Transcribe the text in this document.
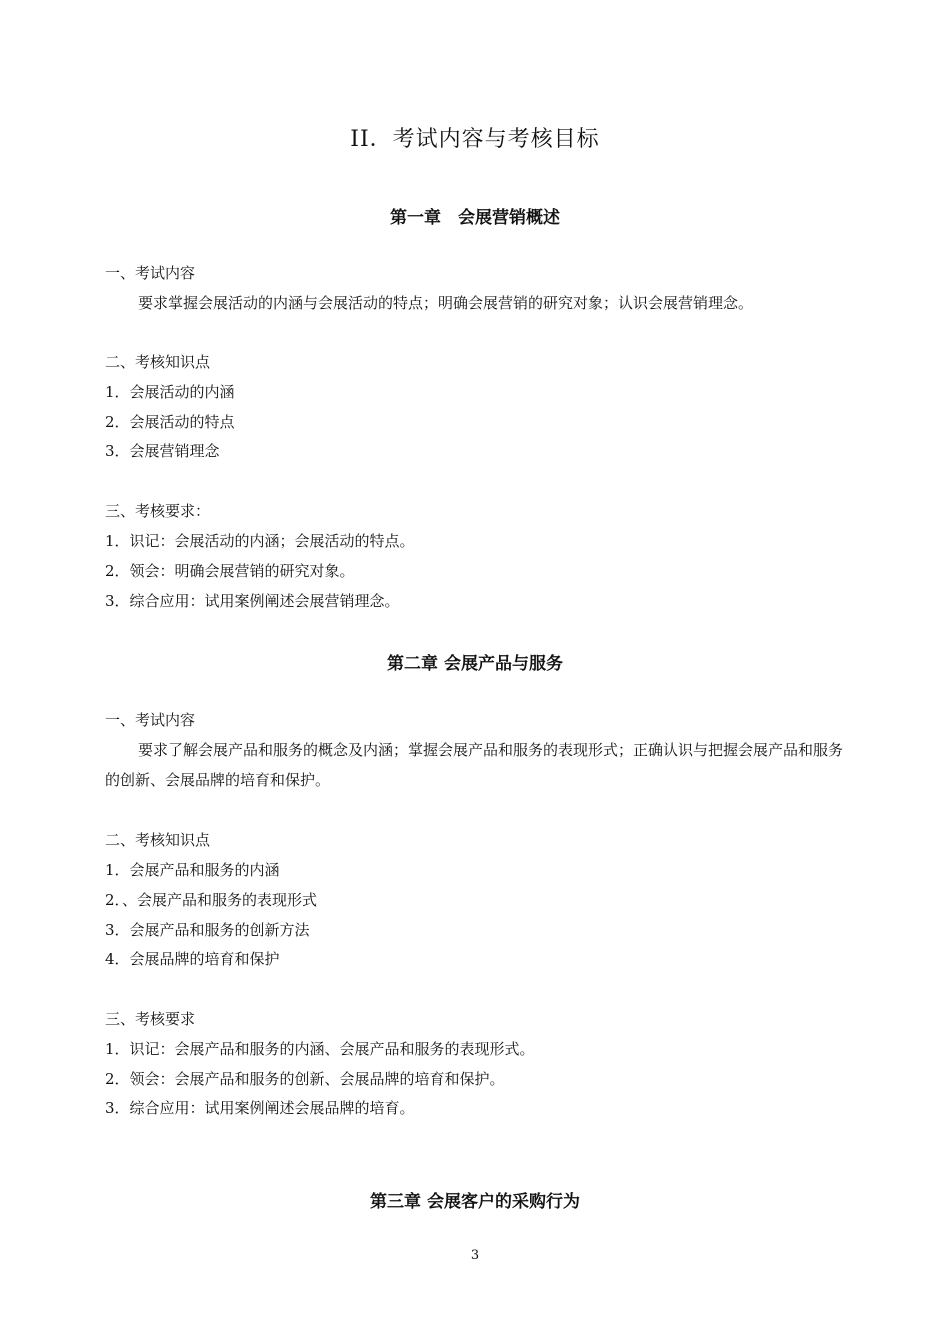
II．考试内容与考核目标
第一章　会展营销概述
一、考试内容
要求掌握会展活动的内涵与会展活动的特点；明确会展营销的研究对象；认识会展营销理念。
二、考核知识点
1．会展活动的内涵
2．会展活动的特点
3．会展营销理念
三、考核要求：
1．识记：会展活动的内涵；会展活动的特点。
2．领会：明确会展营销的研究对象。
3．综合应用：试用案例阐述会展营销理念。
第二章 会展产品与服务
一、考试内容
要求了解会展产品和服务的概念及内涵；掌握会展产品和服务的表现形式；正确认识与把握会展产品和服务的创新、会展品牌的培育和保护。
二、考核知识点
1．会展产品和服务的内涵
2．、会展产品和服务的表现形式
3．会展产品和服务的创新方法
4．会展品牌的培育和保护
三、考核要求
1．识记：会展产品和服务的内涵、会展产品和服务的表现形式。
2．领会：会展产品和服务的创新、会展品牌的培育和保护。
3．综合应用：试用案例阐述会展品牌的培育。
第三章 会展客户的采购行为
3
